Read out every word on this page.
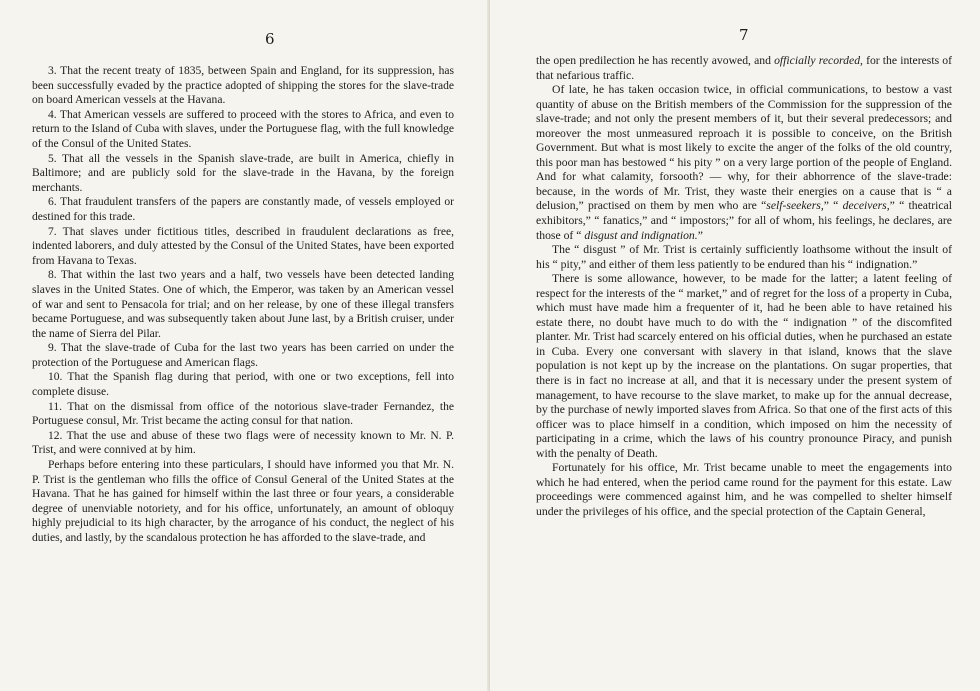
6

3. That the recent treaty of 1835, between Spain and England, for its suppression, has been successfully evaded by the practice adopted of shipping the stores for the slave-trade on board American vessels at the Havana.

4. That American vessels are suffered to proceed with the stores to Africa, and even to return to the Island of Cuba with slaves, under the Portuguese flag, with the full knowledge of the Consul of the United States.

5. That all the vessels in the Spanish slave-trade, are built in America, chiefly in Baltimore; and are publicly sold for the slave-trade in the Havana, by the foreign merchants.

6. That fraudulent transfers of the papers are constantly made, of vessels employed or destined for this trade.

7. That slaves under fictitious titles, described in fraudulent declarations as free, indented laborers, and duly attested by the Consul of the United States, have been exported from Havana to Texas.

8. That within the last two years and a half, two vessels have been detected landing slaves in the United States. One of which, the Emperor, was taken by an American vessel of war and sent to Pensacola for trial; and on her release, by one of these illegal transfers became Portuguese, and was subsequently taken about June last, by a British cruiser, under the name of Sierra del Pilar.

9. That the slave-trade of Cuba for the last two years has been carried on under the protection of the Portuguese and American flags.

10. That the Spanish flag during that period, with one or two exceptions, fell into complete disuse.

11. That on the dismissal from office of the notorious slave-trader Fernandez, the Portuguese consul, Mr. Trist became the acting consul for that nation.

12. That the use and abuse of these two flags were of necessity known to Mr. N. P. Trist, and were connived at by him.

Perhaps before entering into these particulars, I should have informed you that Mr. N. P. Trist is the gentleman who fills the office of Consul General of the United States at the Havana. That he has gained for himself within the last three or four years, a considerable degree of unenviable notoriety, and for his office, unfortunately, an amount of obloquy highly prejudicial to its high character, by the arrogance of his conduct, the neglect of his duties, and lastly, by the scandalous protection he has afforded to the slave-trade, and

7

the open predilection he has recently avowed, and officially recorded, for the interests of that nefarious traffic.

Of late, he has taken occasion twice, in official communications, to bestow a vast quantity of abuse on the British members of the Commission for the suppression of the slave-trade; and not only the present members of it, but their several predecessors; and moreover the most unmeasured reproach it is possible to conceive, on the British Government. But what is most likely to excite the anger of the folks of the old country, this poor man has bestowed “ his pity ” on a very large portion of the people of England. And for what calamity, forsooth? — why, for their abhorrence of the slave-trade: because, in the words of Mr. Trist, they waste their energies on a cause that is “ a delusion,” practised on them by men who are “self-seekers,” “ deceivers,” “ theatrical exhibitors,” “ fanatics,” and “ impostors;” for all of whom, his feelings, he declares, are those of “ disgust and indignation.”

The “ disgust ” of Mr. Trist is certainly sufficiently loathsome without the insult of his “ pity,” and either of them less patiently to be endured than his “ indignation.”

There is some allowance, however, to be made for the latter; a latent feeling of respect for the interests of the “ market,” and of regret for the loss of a property in Cuba, which must have made him a frequenter of it, had he been able to have retained his estate there, no doubt have much to do with the “ indignation ” of the discomfited planter. Mr. Trist had scarcely entered on his official duties, when he purchased an estate in Cuba. Every one conversant with slavery in that island, knows that the slave population is not kept up by the increase on the plantations. On sugar properties, that there is in fact no increase at all, and that it is necessary under the present system of management, to have recourse to the slave market, to make up for the annual decrease, by the purchase of newly imported slaves from Africa. So that one of the first acts of this officer was to place himself in a condition, which imposed on him the necessity of participating in a crime, which the laws of his country pronounce Piracy, and punish with the penalty of Death.

Fortunately for his office, Mr. Trist became unable to meet the engagements into which he had entered, when the period came round for the payment for this estate. Law proceedings were commenced against him, and he was compelled to shelter himself under the privileges of his office, and the special protection of the Captain General,
